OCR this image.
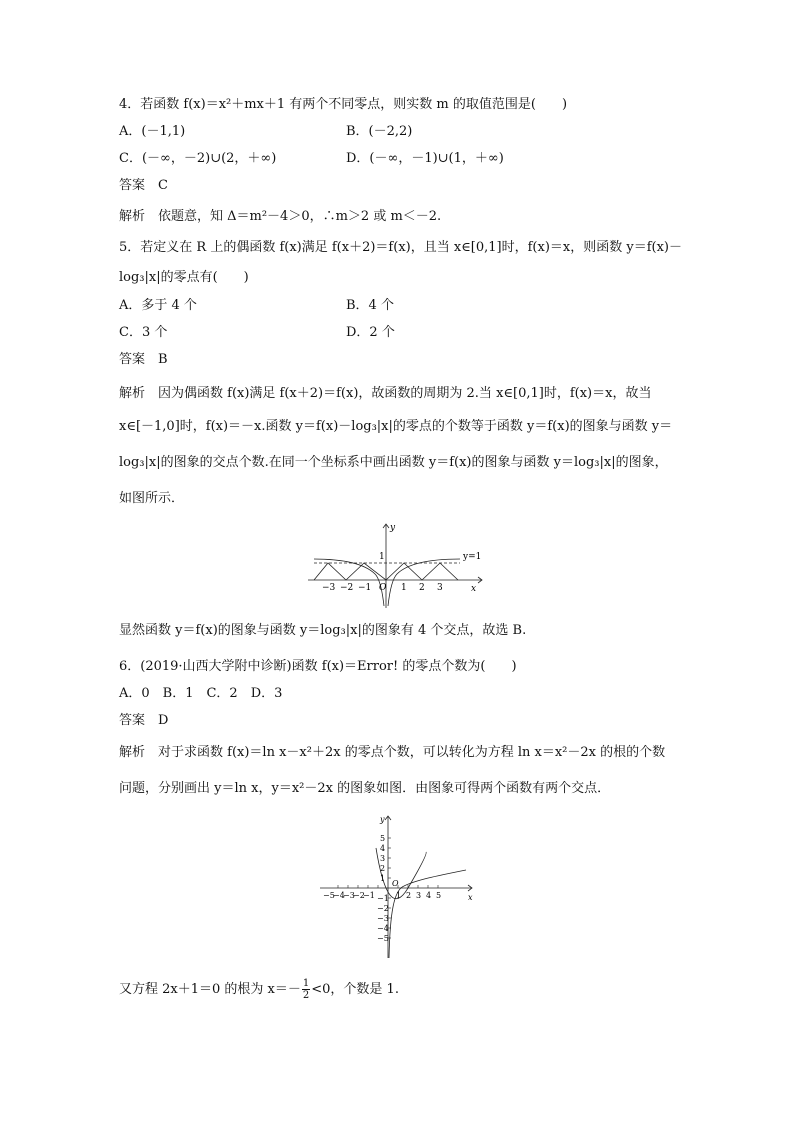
4．若函数 f(x)＝x²＋mx＋1 有两个不同零点，则实数 m 的取值范围是(　　)
A．(－1,1)	B．(－2,2)
C．(－∞，－2)∪(2，＋∞)	D．(－∞，－1)∪(1，＋∞)
答案　C
解析　依题意，知 Δ＝m²－4＞0，∴m＞2 或 m＜－2.
5．若定义在 R 上的偶函数 f(x)满足 f(x＋2)＝f(x)，且当 x∈[0,1]时，f(x)＝x，则函数 y＝f(x)－
log₃|x|的零点有(　　)
A．多于 4 个	B．4 个
C．3 个	D．2 个
答案　B
解析　因为偶函数 f(x)满足 f(x＋2)＝f(x)，故函数的周期为 2.当 x∈[0,1]时，f(x)＝x，故当
x∈[－1,0]时，f(x)＝－x.函数 y＝f(x)－log₃|x|的零点的个数等于函数 y＝f(x)的图象与函数 y＝
log₃|x|的图象的交点个数.在同一个坐标系中画出函数 y＝f(x)的图象与函数 y＝log₃|x|的图象，
如图所示．
y
x
y=1
1
O
−3 −2 −1	1 2 3
显然函数 y＝f(x)的图象与函数 y＝log₃|x|的图象有 4 个交点，故选 B.
6．(2019·山西大学附中诊断)函数 f(x)＝Error! 的零点个数为(　　)
A．0　B．1　C．2　D．3
答案　D
解析　对于求函数 f(x)＝ln x－x²＋2x 的零点个数，可以转化为方程 ln x＝x²－2x 的根的个数
问题，分别画出 y＝ln x，y＝x²－2x 的图象如图．由图象可得两个函数有两个交点．
y
x
O
−5
−4
−3
−2
−1	1 2 3 4 5
5
4
3
2
1
−1
−2
−3
−4
−5
又方程 2x＋1＝0 的根为 $x=- \frac{1}{2} <0$，个数是 1.
